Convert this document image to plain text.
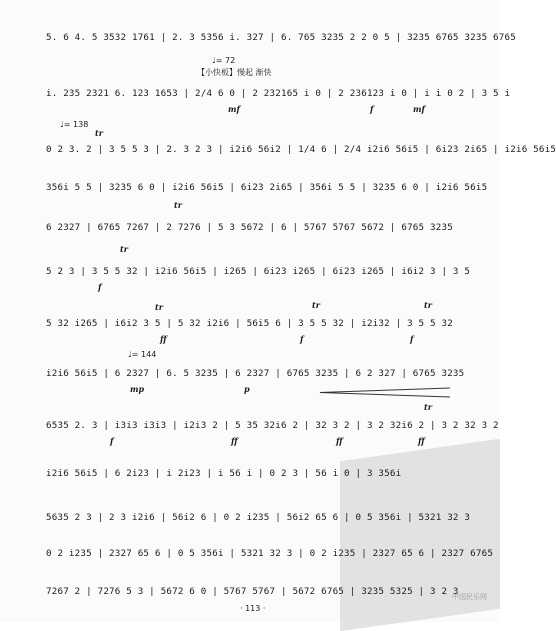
中国民乐网
♩= 72
【小快板】慢起 渐快
♩= 138
♩= 144
tr
tr
tr
tr	tr	tr
tr
5. 6 4. 5 3532 1761 | 2. 3 5356 i. 327 | 6. 765 3235 2 2 0 5 | 3235 6765 3235 6765
i. 235 2321 6. 123 1653 | 2/4 6 0 | 2 232165 i 0 | 2 236123 i 0 | i i 0 2 | 3 5 i
0 2 3. 2 | 3 5 5 3 | 2. 3 2 3 | i2i6 56i2 | 1/4 6 | 2/4 i2i6 56i5 | 6i23 2i65 | i2i6 56i5
356i 5 5 | 3235 6 0 | i2i6 56i5 | 6i23 2i65 | 356i 5 5 | 3235 6 0 | i2i6 56i5
6 2327 | 6765 7267 | 2 7276 | 5 3 5672 | 6 | 5767 5767 5672 | 6765 3235
5 2 3 | 3 5 5 32 | i2i6 56i5 | i265 | 6i23 i265 | 6i23 i265 | i6i2 3 | 3 5
5 32 i265 | i6i2 3 5 | 5 32 i2i6 | 56i5 6 | 3 5 5 32 | i2i32 | 3 5 5 32
i2i6 56i5 | 6 2327 | 6. 5 3235 | 6 2327 | 6765 3235 | 6 2 327 | 6765 3235
6535 2. 3 | i3i3 i3i3 | i2i3 2 | 5 35 32i6 2 | 32 3 2 | 3 2 32i6 2 | 3 2 32 3 2
i2i6 56i5 | 6 2i23 | i 2i23 | i 56 i | 0 2 3 | 56 i 0 | 3 356i
5635 2 3 | 2 3 i2i6 | 56i2 6 | 0 2 i235 | 56i2 65 6 | 0 5 356i | 5321 32 3
0 2 i235 | 2327 65 6 | 0 5 356i | 5321 32 3 | 0 2 i235 | 2327 65 6 | 2327 6765
7267 2 | 7276 5 3 | 5672 6 0 | 5767 5767 | 5672 6765 | 3235 5325 | 3 2 3
mf	f	mf
f
ff	f	f
mp	p
f	ff	ff	ff
· 113 ·
